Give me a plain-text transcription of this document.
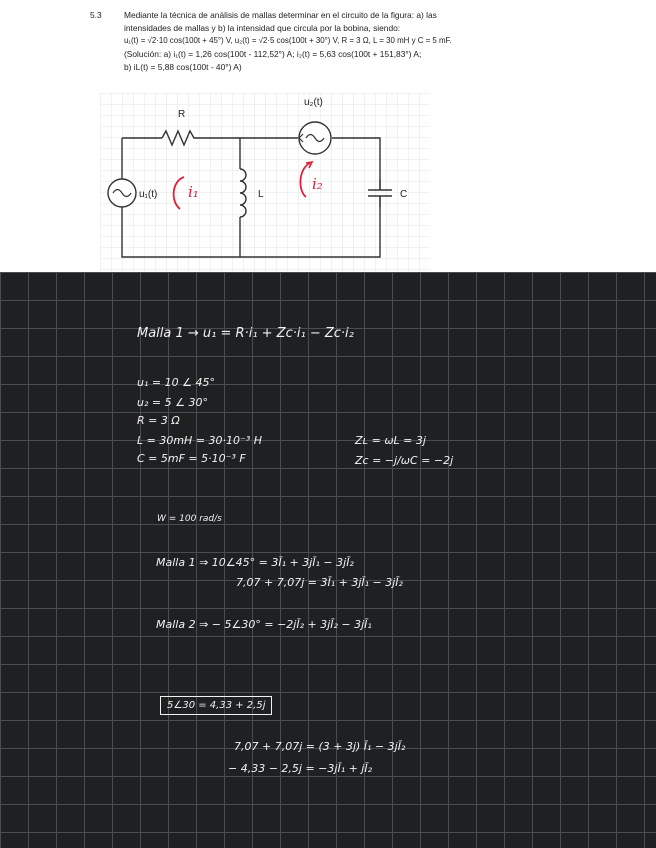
5.3	Mediante la técnica de análisis de mallas determinar en el circuito de la figura: a) las
intensidades de mallas y b) la intensidad que circula por la bobina, siendo:
u₁(t) = √2·10 cos(100t + 45°) V, u₂(t) = √2·5 cos(100t + 30°) V, R = 3 Ω, L = 30 mH y C = 5 mF.
(Solución: a) i₁(t) = 1,26 cos(100t - 112,52°) A; i₂(t) = 5,63 cos(100t + 151,83°) A;
b) iL(t) = 5,88 cos(100t - 40°) A)
R
u₂(t)
u₁(t)	L	C
i₁	i₂
Malla 1 → u₁ = R·i₁ + Zc·i₁ − Zc·i₂
u₁ = 10 ∠ 45°
u₂ = 5 ∠ 30°
R = 3 Ω
L = 30mH = 30·10⁻³ H
C = 5mF = 5·10⁻³ F
Zʟ = ωL = 3j
Zc = −j/ωC = −2j
W = 100 rad/s
Malla 1 ⇒ 10∠45° = 3Ī₁ + 3jĪ₁ − 3jĪ₂
7,07 + 7,07j = 3Ī₁ + 3jĪ₁ − 3jĪ₂
Malla 2 ⇒ − 5∠30° = −2jĪ₂ + 3jĪ₂ − 3jĪ₁
5∠30 = 4,33 + 2,5j
7,07 + 7,07j = (3 + 3j) Ī₁ − 3jĪ₂
− 4,33 − 2,5j = −3jĪ₁ + jĪ₂
